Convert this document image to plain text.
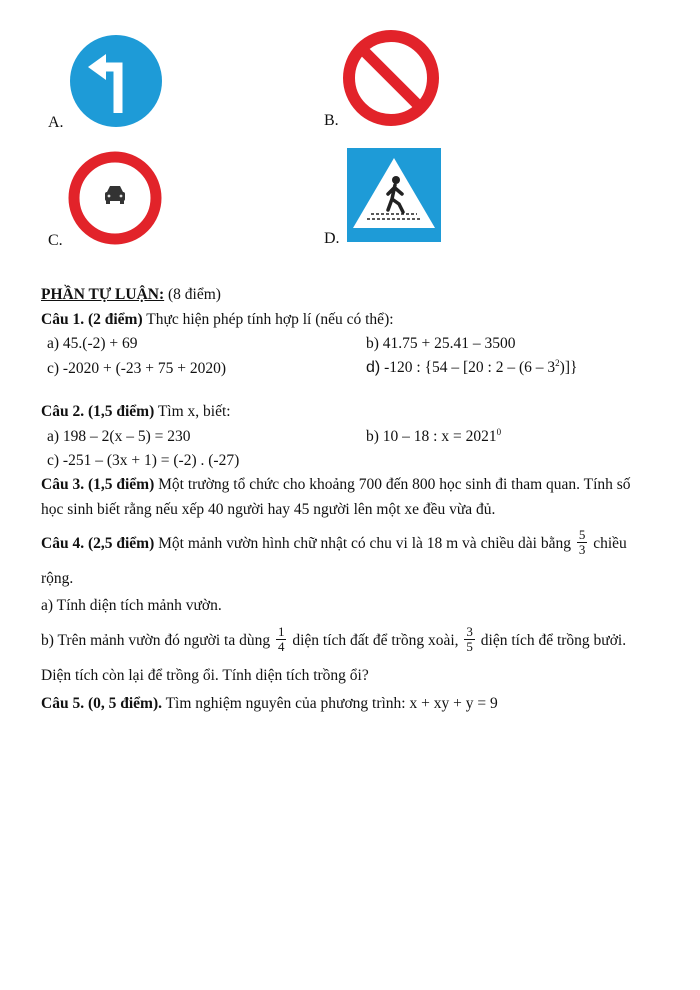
A.	B.
C.	D.
PHẦN TỰ LUẬN: (8 điểm)
Câu 1. (2 điểm) Thực hiện phép tính hợp lí (nếu có thể):
a) 45.(-2) + 69	b) 41.75 + 25.41 – 3500
c) -2020 + (-23 + 75 + 2020)	d) -120 : {54 – [20 : $2 - (6 - 3^2)$]}
Câu 2. (1,5 điểm) Tìm x, biết:
a) 198 – 2(x – 5) = 230	b) 10 – 18 : $x = 2021^0$
c) -251 – (3x + 1) = (-2) . (-27)
Câu 3. (1,5 điểm) Một trường tổ chức cho khoảng 700 đến 800 học sinh đi tham quan. Tính số
học sinh biết rằng nếu xếp 40 người hay 45 người lên một xe đều vừa đủ.
Câu 4. (2,5 điểm) Một mảnh vườn hình chữ nhật có chu vi là 18 m và chiều dài bằng $\frac{5}{3}$ chiều
rộng.
a) Tính diện tích mảnh vườn.
b) Trên mảnh vườn đó người ta dùng $\frac{1}{4}$ diện tích đất để trồng xoài, $\frac{3}{5}$ diện tích để trồng bưởi.
Diện tích còn lại để trồng ổi. Tính diện tích trồng ổi?
Câu 5. (0, 5 điểm). Tìm nghiệm nguyên của phương trình: x + xy + y = 9
